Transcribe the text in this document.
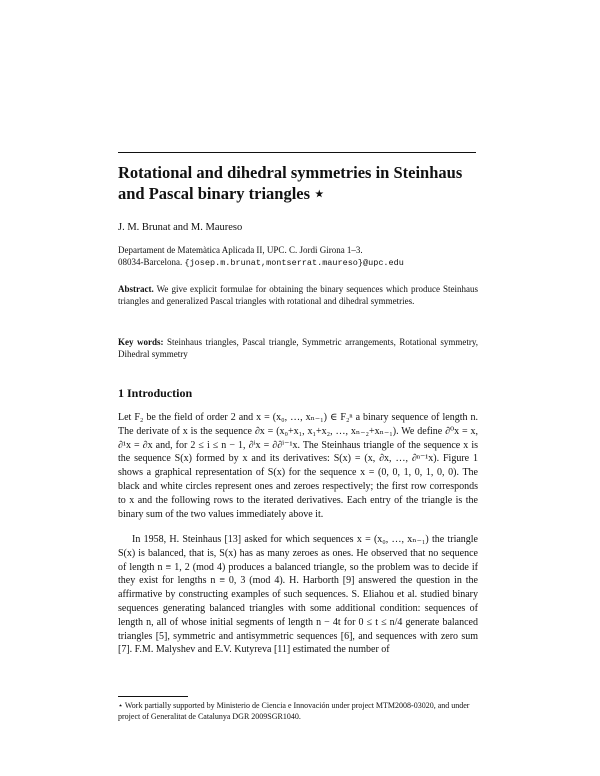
Rotational and dihedral symmetries in Steinhaus and Pascal binary triangles ⋆
J. M. Brunat and M. Maureso
Departament de Matemàtica Aplicada II, UPC. C. Jordi Girona 1–3.
08034-Barcelona. {josep.m.brunat,montserrat.maureso}@upc.edu
Abstract. We give explicit formulae for obtaining the binary sequences which produce Steinhaus triangles and generalized Pascal triangles with rotational and dihedral symmetries.
Key words: Steinhaus triangles, Pascal triangle, Symmetric arrangements, Rotational symmetry, Dihedral symmetry
1 Introduction
Let F₂ be the field of order 2 and x = (x₀, …, xₙ₋₁) ∈ F₂ⁿ a binary sequence of length n. The derivate of x is the sequence ∂x = (x₀+x₁, x₁+x₂, …, xₙ₋₂+xₙ₋₁). We define ∂⁰x = x, ∂¹x = ∂x and, for 2 ≤ i ≤ n − 1, ∂ⁱx = ∂∂ⁱ⁻¹x. The Steinhaus triangle of the sequence x is the sequence S(x) formed by x and its derivatives: S(x) = (x, ∂x, …, ∂ⁿ⁻¹x). Figure 1 shows a graphical representation of S(x) for the sequence x = (0, 0, 1, 0, 1, 0, 0). The black and white circles represent ones and zeroes respectively; the first row corresponds to x and the following rows to the iterated derivatives. Each entry of the triangle is the binary sum of the two values immediately above it.
In 1958, H. Steinhaus [13] asked for which sequences x = (x₀, …, xₙ₋₁) the triangle S(x) is balanced, that is, S(x) has as many zeroes as ones. He observed that no sequence of length n ≡ 1, 2 (mod 4) produces a balanced triangle, so the problem was to decide if they exist for lengths n ≡ 0, 3 (mod 4). H. Harborth [9] answered the question in the affirmative by constructing examples of such sequences. S. Eliahou et al. studied binary sequences generating balanced triangles with some additional condition: sequences of length n, all of whose initial segments of length n − 4t for 0 ≤ t ≤ n/4 generate balanced triangles [5], symmetric and antisymmetric sequences [6], and sequences with zero sum [7]. F.M. Malyshev and E.V. Kutyreva [11] estimated the number of
⋆ Work partially supported by Ministerio de Ciencia e Innovación under project MTM2008-03020, and under project of Generalitat de Catalunya DGR 2009SGR1040.
